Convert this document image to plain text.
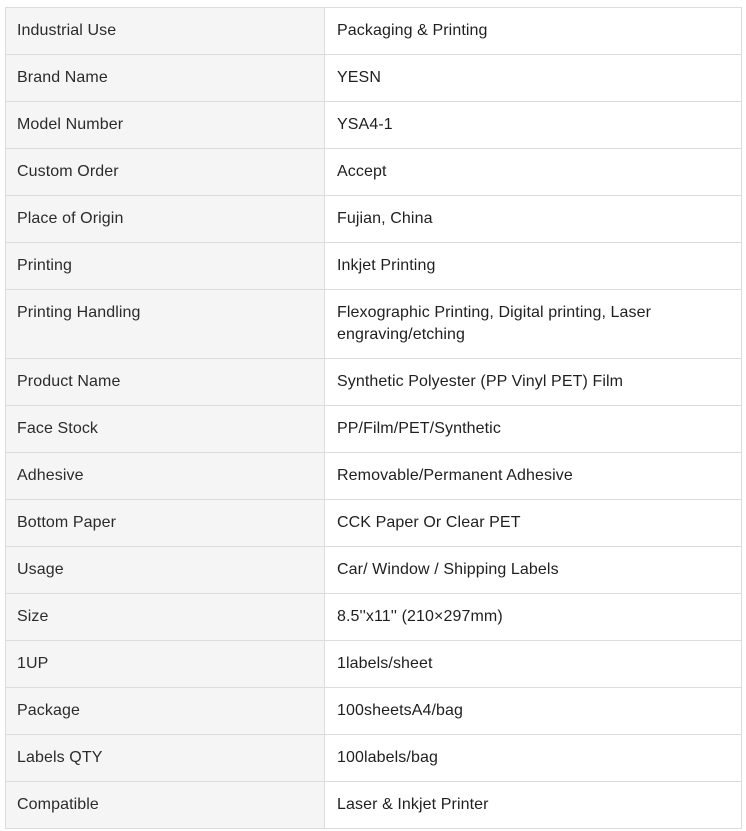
Industrial Use	Packaging & Printing
Brand Name	YESN
Model Number	YSA4-1
Custom Order	Accept
Place of Origin	Fujian, China
Printing	Inkjet Printing
Printing Handling	Flexographic Printing, Digital printing, Laser engraving/etching
Product Name	Synthetic Polyester (PP Vinyl PET) Film
Face Stock	PP/Film/PET/Synthetic
Adhesive	Removable/Permanent Adhesive
Bottom Paper	CCK Paper Or Clear PET
Usage	Car/ Window / Shipping Labels
Size	8.5''x11'' (210×297mm)
1UP	1labels/sheet
Package	100sheetsA4/bag
Labels QTY	100labels/bag
Compatible	Laser & Inkjet Printer
